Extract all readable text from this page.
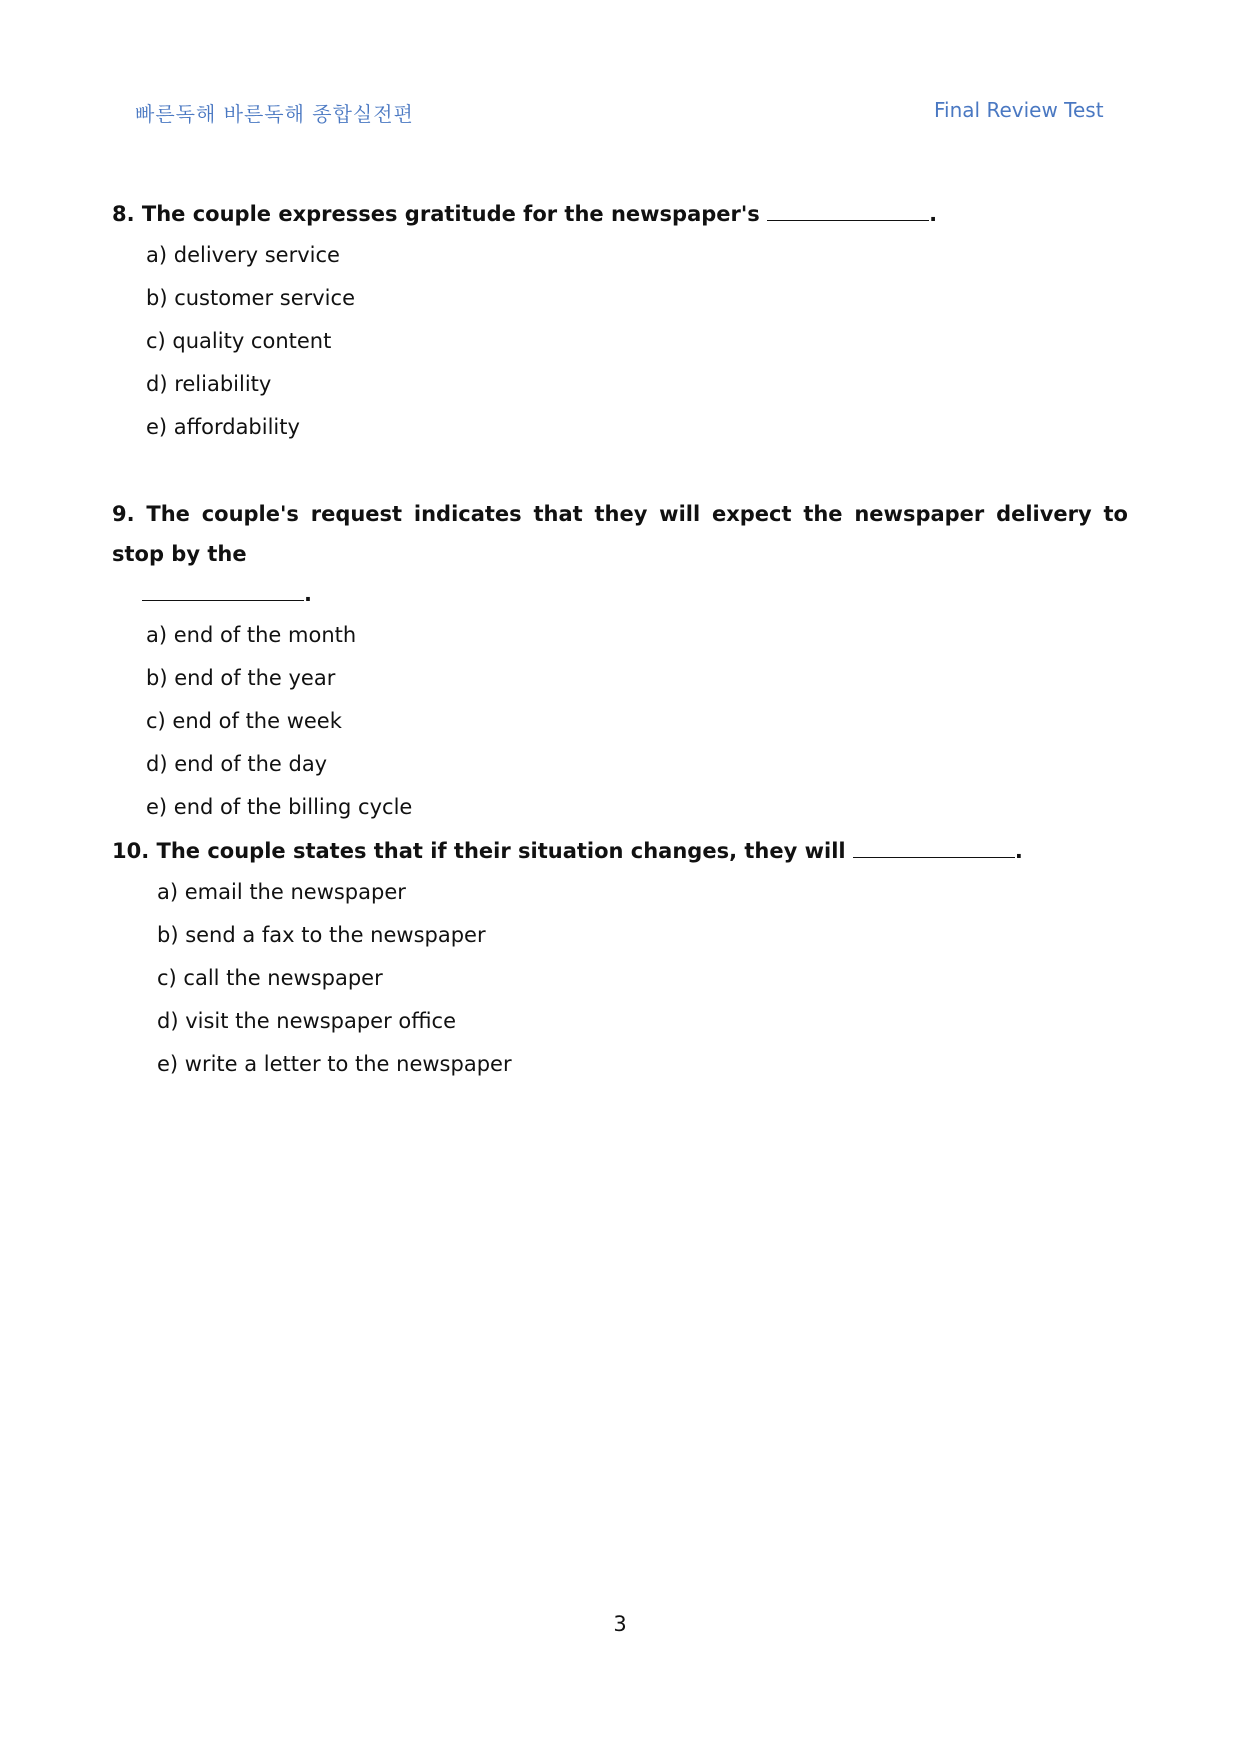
빠른독해 바른독해 종합실전편	Final Review Test
8. The couple expresses gratitude for the newspaper's	.
a) delivery service
b) customer service
c) quality content
d) reliability
e) affordability
9. The couple's request indicates that they will expect the newspaper delivery to stop by the
.
a) end of the month
b) end of the year
c) end of the week
d) end of the day
e) end of the billing cycle
10. The couple states that if their situation changes, they will	.
a) email the newspaper
b) send a fax to the newspaper
c) call the newspaper
d) visit the newspaper office
e) write a letter to the newspaper
3
